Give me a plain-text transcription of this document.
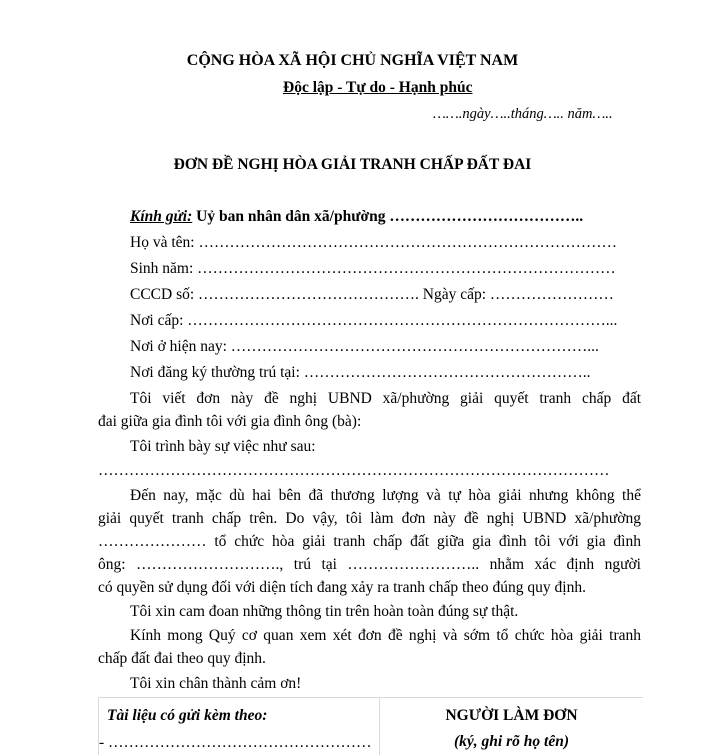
CỘNG HÒA XÃ HỘI CHỦ NGHĨA VIỆT NAM
Độc lập - Tự do - Hạnh phúc
…….ngày…..tháng….. năm…..
ĐƠN ĐỀ NGHỊ HÒA GIẢI TRANH CHẤP ĐẤT ĐAI
Kính gửi: Uỷ ban nhân dân xã/phường ………………………………..
Họ và tên: ………………………………………………………………………
Sinh năm: ………………………………………………………………………
CCCD số: ……………………………………. Ngày cấp: ……………………
Nơi cấp: ………………………………………………………………………...
Nơi ở hiện nay: ……………………………………………………………...
Nơi đăng ký thường trú tại: ………………………………………………..
Tôi viết đơn này đề nghị UBND xã/phường giải quyết tranh chấp đất
đai giữa gia đình tôi với gia đình ông (bà):
Tôi trình bày sự việc như sau:
………………………………………………………………………………………
Đến nay, mặc dù hai bên đã thương lượng và tự hòa giải nhưng không thể
giải quyết tranh chấp trên. Do vậy, tôi làm đơn này đề nghị UBND xã/phường
………………… tổ chức hòa giải tranh chấp đất giữa gia đình tôi với gia đình
ông: ………………………., trú tại …………………….. nhằm xác định người
có quyền sử dụng đối với diện tích đang xảy ra tranh chấp theo đúng quy định.
Tôi xin cam đoan những thông tin trên hoàn toàn đúng sự thật.
Kính mong Quý cơ quan xem xét đơn đề nghị và sớm tổ chức hòa giải tranh
chấp đất đai theo quy định.
Tôi xin chân thành cảm ơn!
Tài liệu có gửi kèm theo:
- ……………………………………………
NGƯỜI LÀM ĐƠN
(ký, ghi rõ họ tên)
